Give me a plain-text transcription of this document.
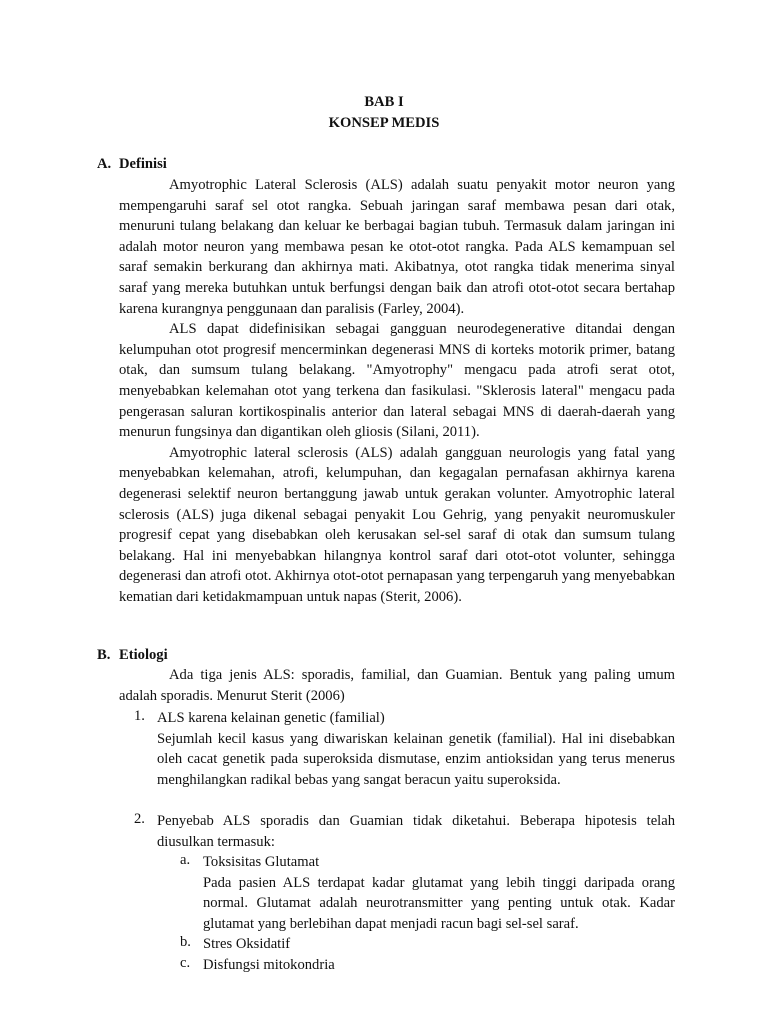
BAB I
KONSEP MEDIS
A. Definisi

Amyotrophic Lateral Sclerosis (ALS) adalah suatu penyakit motor neuron yang mempengaruhi saraf sel otot rangka. Sebuah jaringan saraf membawa pesan dari otak, menuruni tulang belakang dan keluar ke berbagai bagian tubuh. Termasuk dalam jaringan ini adalah motor neuron yang membawa pesan ke otot-otot rangka. Pada ALS kemampuan sel saraf semakin berkurang dan akhirnya mati. Akibatnya, otot rangka tidak menerima sinyal saraf yang mereka butuhkan untuk berfungsi dengan baik dan atrofi otot-otot secara bertahap karena kurangnya penggunaan dan paralisis (Farley, 2004).

ALS dapat didefinisikan sebagai gangguan neurodegenerative ditandai dengan kelumpuhan otot progresif mencerminkan degenerasi MNS di korteks motorik primer, batang otak, dan sumsum tulang belakang. "Amyotrophy" mengacu pada atrofi serat otot, menyebabkan kelemahan otot yang terkena dan fasikulasi. "Sklerosis lateral" mengacu pada pengerasan saluran kortikospinalis anterior dan lateral sebagai MNS di daerah-daerah yang menurun fungsinya dan digantikan oleh gliosis (Silani, 2011).

Amyotrophic lateral sclerosis (ALS) adalah gangguan neurologis yang fatal yang menyebabkan kelemahan, atrofi, kelumpuhan, dan kegagalan pernafasan akhirnya karena degenerasi selektif neuron bertanggung jawab untuk gerakan volunter. Amyotrophic lateral sclerosis (ALS) juga dikenal sebagai penyakit Lou Gehrig, yang penyakit neuromuskuler progresif cepat yang disebabkan oleh kerusakan sel-sel saraf di otak dan sumsum tulang belakang. Hal ini menyebabkan hilangnya kontrol saraf dari otot-otot volunter, sehingga degenerasi dan atrofi otot. Akhirnya otot-otot pernapasan yang terpengaruh yang menyebabkan kematian dari ketidakmampuan untuk napas (Sterit, 2006).

B. Etiologi

Ada tiga jenis ALS: sporadis, familial, dan Guamian. Bentuk yang paling umum adalah sporadis. Menurut Sterit (2006)

1. ALS karena kelainan genetic (familial)
Sejumlah kecil kasus yang diwariskan kelainan genetik (familial). Hal ini disebabkan oleh cacat genetik pada superoksida dismutase, enzim antioksidan yang terus menerus menghilangkan radikal bebas yang sangat beracun yaitu superoksida.
2. Penyebab ALS sporadis dan Guamian tidak diketahui. Beberapa hipotesis telah diusulkan termasuk:
a. Toksisitas Glutamat
Pada pasien ALS terdapat kadar glutamat yang lebih tinggi daripada orang normal. Glutamat adalah neurotransmitter yang penting untuk otak. Kadar glutamat yang berlebihan dapat menjadi racun bagi sel-sel saraf.
b. Stres Oksidatif
c. Disfungsi mitokondria
